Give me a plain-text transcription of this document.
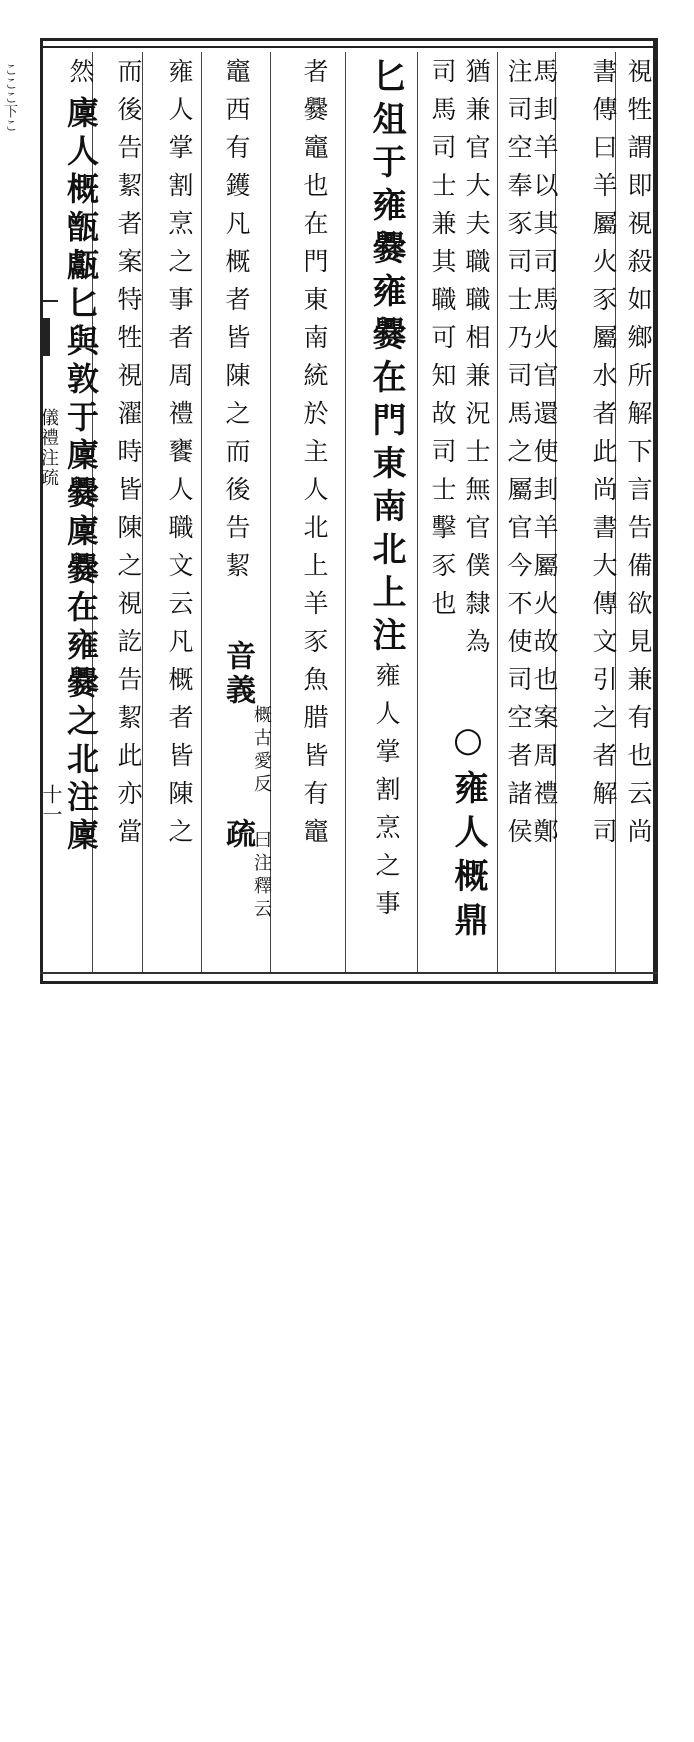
こここ下こ
儀禮注疏
十一	視牲謂即視殺如鄉所解下言告備欲見兼有也云尚
書傳曰羊屬火豕屬水者此尚書大傳文引之者解司
馬刲羊以其司馬火官還使刲羊屬火故也案周禮鄭
注司空奉豕司士乃司馬之屬官今不使司空者諸侯
猶兼官大夫職職相兼況士無官僕隸為
○雍人概鼎
司馬司士兼其職可知故司士擊豕也
匕俎于雍爨雍爨在門東南北上注
雍人掌割烹之事
者爨竈也在門東南統於主人北上羊豕魚腊皆有竈
竈西有鑊凡概者皆陳之而後告絜
音義
概古愛反
疏
曰注釋云
雍人掌割烹之事者周禮饔人職文云凡概者皆陳之
而後告絜者案特牲視濯時皆陳之視訖告絜此亦當
然
廩人概甑甗匕與敦于廩爨廩爨在雍爨之北注廩
